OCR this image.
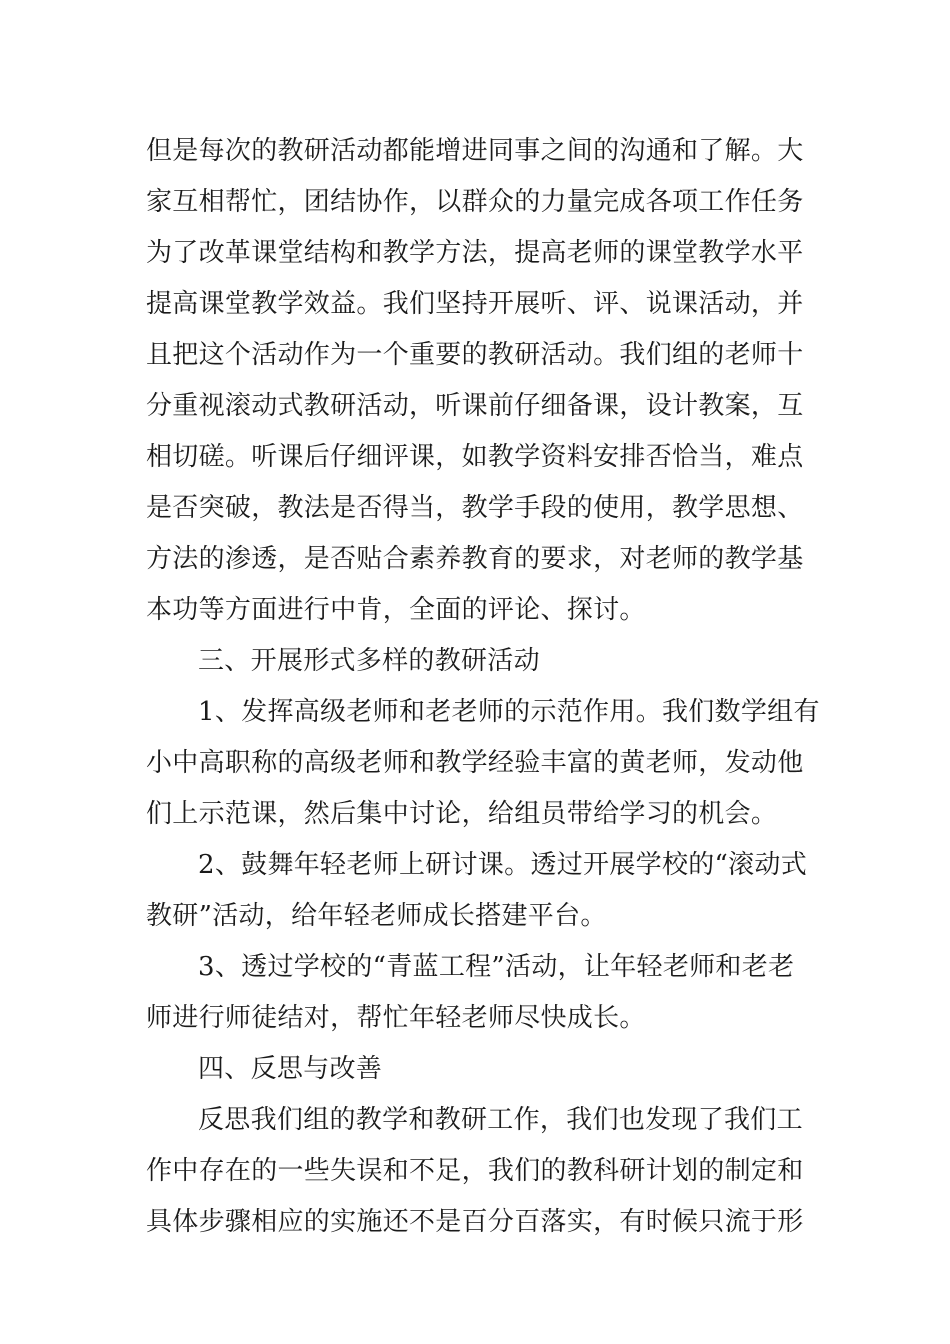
但是每次的教研活动都能增进同事之间的沟通和了解。大
家互相帮忙，团结协作，以群众的力量完成各项工作任务
为了改革课堂结构和教学方法，提高老师的课堂教学水平
提高课堂教学效益。我们坚持开展听、评、说课活动，并
且把这个活动作为一个重要的教研活动。我们组的老师十
分重视滚动式教研活动，听课前仔细备课，设计教案，互
相切磋。听课后仔细评课，如教学资料安排否恰当，难点
是否突破，教法是否得当，教学手段的使用，教学思想、
方法的渗透，是否贴合素养教育的要求，对老师的教学基
本功等方面进行中肯，全面的评论、探讨。
三、开展形式多样的教研活动
1、发挥高级老师和老老师的示范作用。我们数学组有
小中高职称的高级老师和教学经验丰富的黄老师，发动他
们上示范课，然后集中讨论，给组员带给学习的机会。
2、鼓舞年轻老师上研讨课。透过开展学校的“滚动式
教研”活动，给年轻老师成长搭建平台。
3、透过学校的“青蓝工程”活动，让年轻老师和老老
师进行师徒结对，帮忙年轻老师尽快成长。
四、反思与改善
反思我们组的教学和教研工作，我们也发现了我们工
作中存在的一些失误和不足，我们的教科研计划的制定和
具体步骤相应的实施还不是百分百落实，有时候只流于形
